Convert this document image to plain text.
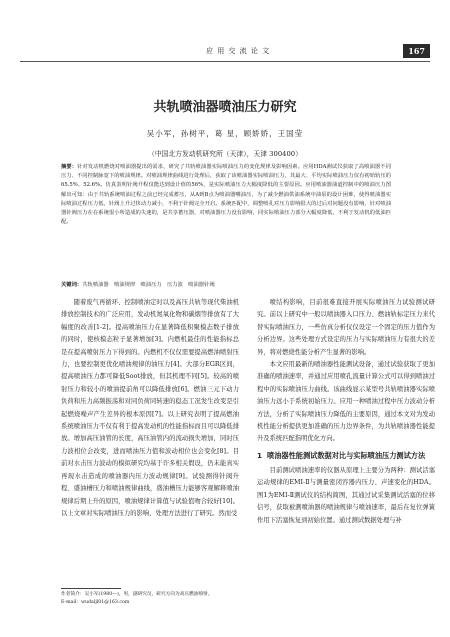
应 用 交 流 论 文	167
共轨喷油器喷油压力研究
吴小军，孙树平，葛 星，顾娇娇，王国莹
（中国北方发动机研究所（天津），天津 300400）
摘要：针对发动机燃烧对喷油器提出的需求，研究了共轨喷油器实际喷油压力的变化规律及影响因素。应用HDA测试仪获取了高喷油器不同压力、不同控制脉宽下的喷油规律。对喷油规律曲线进行处理后，获取了该喷油器实际喷油压力，其最大、平均实际喷油压力仅有初始轨压的65.5%、52.6%。仿真表明针阀升程仅能达到设计值的56%，是实际喷油压力大幅度降低的主要原因。应用喷油器油道控制中的喷油压力图解出可知：由于共轨系统喷油过程之前已经完成蓄压，从A到B点为喷油器嘴油压、为了减少燃油供油系统中油泵的设计困难，使得喷油器实际喷油过程压力低，针阀上升过快动力减小，不利于针阀完全开启。系统匹配中，调整喷孔对压力影响很大的过后对问题没有影响，针对喷油器针阀压力在在系统很小所造成的失速的，是共享蓄压器，对喷油器压力没有影响，同实际喷油压力部分大幅度降低，不利于发动机的低油匹配。
关键词：共轨喷油器　喷油规律　喷油压力　压力波　喷油器针阀

随着废气再循环、控制喷油定时以及高压共轨等现代柴油机排放控制技术的广泛应用，发动机氮氧化物和碳烟等排放有了大幅度的改善[1-2]。提高喷油压力在显著降低积聚模态数子排放的同时，使核模态粒子显著增加[3]。内燃机最佳的性能指标总是在提高喷射压力下得到的。内燃机不仅仅需要提高燃油喷射压力，也要控制更优化喷油规律的油压力[4]。大部分EGR区间，提高喷油压力都可降低Soot排放，但其机理不同[5]。较高的喷射压力和较小的喷油提前角可以降低排放[6]。燃油三元下动力负荷和压力高频振荡和对同负荷同转速的稳态工况发生改变是引起燃烧噪声产生差异的根本原因[7]。以上研究表明了提高燃油系统喷油压力不仅有利于提高发动机的性能指标而且可以降低排放。增加高压油管的长度，高压油管内的流动损失增加，同时压力波相位会改变，进而喷油压力值和波动相位也会变化[8]。目前对水击压力波动的模拟研究均基于许多相关假设，仍未能真实再现水击造成的喷油器内压力波动规律[9]。试验测得针阀升程、盛油槽压力和喷油规律曲线，盛油槽压力能够客观解释喷油规律后期上升的原因，喷油规律计算值与试验值吻合较好[10]。以上文章对实际喷油压力的影响、处理方法进行了研究。然而受

喷结构影响，目前很难直接开展实际喷油压力试验测试研究。前以上研究中一般以喷油器入口压力、燃油轨标定压力来代替实际喷油压力，一些仿真分析仅仅设定一个固定的压力值作为分析边界。这些处理方式设定的压力与实际喷油压力有很大的差异，将对燃烧性能分析产生显著的影响。

本文应用最新的喷油器性能测试设备，通过试验获取了更加准确的喷油速率，并通过应用喷孔流量计算公式可以得到喷油过程中的实际喷油压力曲线。该曲线显示某型号共轨喷油器实际喷油压力远小于系统初始压力。应用一种喷油过程中压力波动分析方法，分析了实际喷油压力降低的主要原因，通过本文对为发动机性能分析提供更加准确的压力边界条件，为共轨喷油器性能提升及系统匹配指明优化方向。

1 喷油器性能测试数据对比与实际喷油压力测试方法

目前测试喷油速率的仪器从原理上主要分为两种：测试活塞运动规律的EMI-Ⅱ与测量密闭容器内压力、声速变化的HDA。图1为EMI-Ⅱ测试仪的结构简图，其通过试采集测试活塞的位移信号，获取被测喷油器的喷油规律与喷油速率，最后在复位弹簧作用下活塞恢复到初始位置。通过测试数据处理与补

作者简介：吴小军(1980—)，男，副研究员，研究方向为高压燃油喷射。
E-mail：wudaljl01@163.com
